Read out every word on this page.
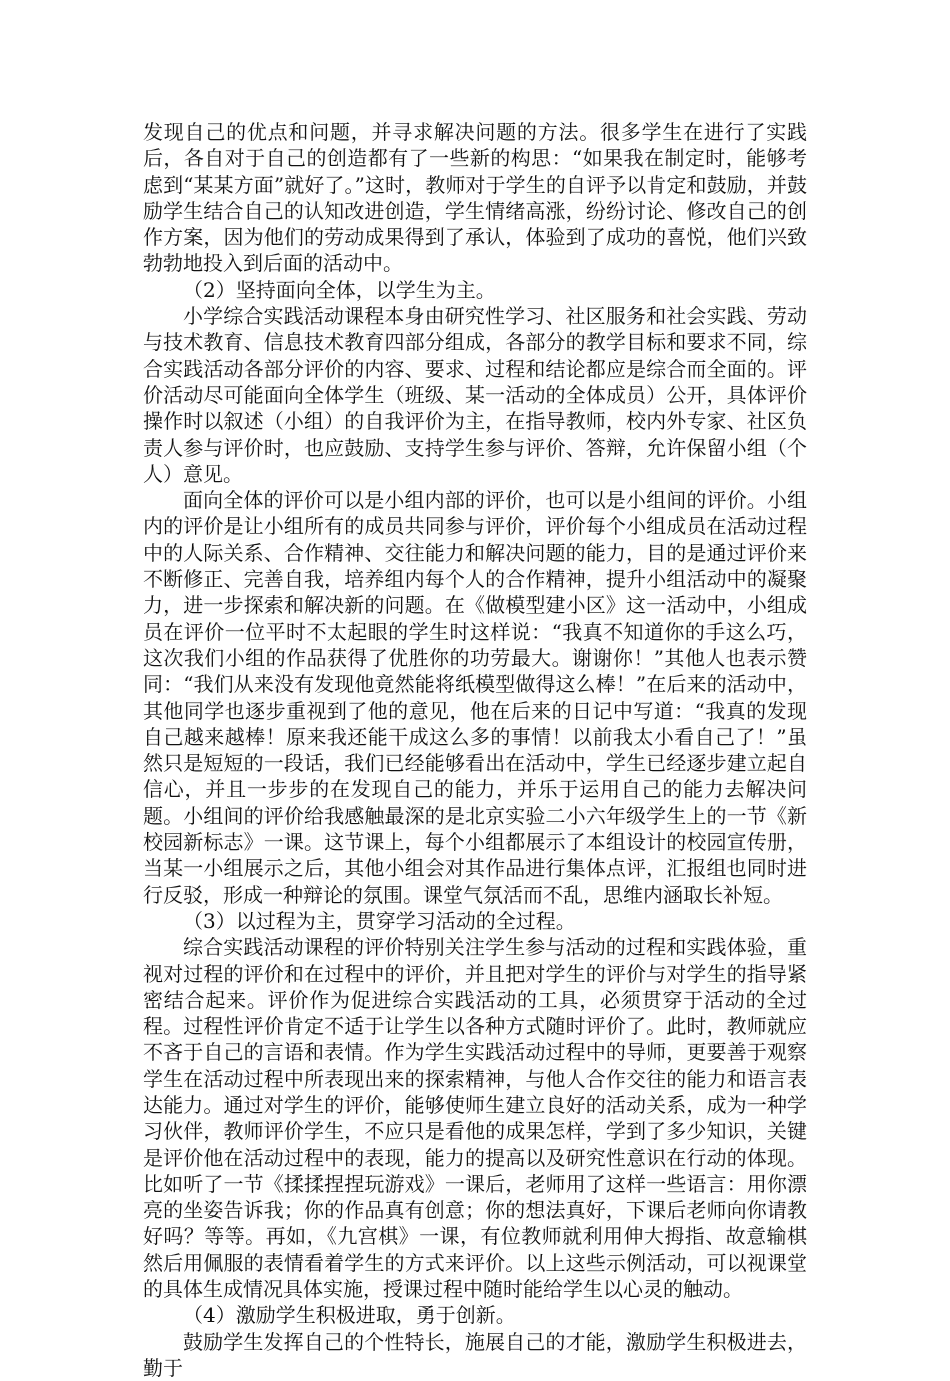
发现自己的优点和问题，并寻求解决问题的方法。很多学生在进行了实践后，各自对于自己的创造都有了一些新的构思：“如果我在制定时，能够考虑到“某某方面”就好了。”这时，教师对于学生的自评予以肯定和鼓励，并鼓励学生结合自己的认知改进创造，学生情绪高涨，纷纷讨论、修改自己的创作方案，因为他们的劳动成果得到了承认，体验到了成功的喜悦，他们兴致勃勃地投入到后面的活动中。

（2）坚持面向全体，以学生为主。

小学综合实践活动课程本身由研究性学习、社区服务和社会实践、劳动与技术教育、信息技术教育四部分组成，各部分的教学目标和要求不同，综合实践活动各部分评价的内容、要求、过程和结论都应是综合而全面的。评价活动尽可能面向全体学生（班级、某一活动的全体成员）公开，具体评价操作时以叙述（小组）的自我评价为主，在指导教师，校内外专家、社区负责人参与评价时，也应鼓励、支持学生参与评价、答辩，允许保留小组（个人）意见。

面向全体的评价可以是小组内部的评价，也可以是小组间的评价。小组内的评价是让小组所有的成员共同参与评价，评价每个小组成员在活动过程中的人际关系、合作精神、交往能力和解决问题的能力，目的是通过评价来不断修正、完善自我，培养组内每个人的合作精神，提升小组活动中的凝聚力，进一步探索和解决新的问题。在《做模型建小区》这一活动中，小组成员在评价一位平时不太起眼的学生时这样说：“我真不知道你的手这么巧，这次我们小组的作品获得了优胜你的功劳最大。谢谢你！”其他人也表示赞同：“我们从来没有发现他竟然能将纸模型做得这么棒！”在后来的活动中，其他同学也逐步重视到了他的意见，他在后来的日记中写道：“我真的发现自己越来越棒！原来我还能干成这么多的事情！以前我太小看自己了！”虽然只是短短的一段话，我们已经能够看出在活动中，学生已经逐步建立起自信心，并且一步步的在发现自己的能力，并乐于运用自己的能力去解决问题。小组间的评价给我感触最深的是北京实验二小六年级学生上的一节《新校园新标志》一课。这节课上，每个小组都展示了本组设计的校园宣传册，当某一小组展示之后，其他小组会对其作品进行集体点评，汇报组也同时进行反驳，形成一种辩论的氛围。课堂气氛活而不乱，思维内涵取长补短。

（3）以过程为主，贯穿学习活动的全过程。

综合实践活动课程的评价特别关注学生参与活动的过程和实践体验，重视对过程的评价和在过程中的评价，并且把对学生的评价与对学生的指导紧密结合起来。评价作为促进综合实践活动的工具，必须贯穿于活动的全过程。过程性评价肯定不适于让学生以各种方式随时评价了。此时，教师就应不吝于自己的言语和表情。作为学生实践活动过程中的导师，更要善于观察学生在活动过程中所表现出来的探索精神，与他人合作交往的能力和语言表达能力。通过对学生的评价，能够使师生建立良好的活动关系，成为一种学习伙伴，教师评价学生，不应只是看他的成果怎样，学到了多少知识，关键是评价他在活动过程中的表现，能力的提高以及研究性意识在行动的体现。比如听了一节《揉揉捏捏玩游戏》一课后，老师用了这样一些语言：用你漂亮的坐姿告诉我；你的作品真有创意；你的想法真好，下课后老师向你请教好吗？等等。再如，《九宫棋》一课，有位教师就利用伸大拇指、故意输棋然后用佩服的表情看着学生的方式来评价。以上这些示例活动，可以视课堂的具体生成情况具体实施，授课过程中随时能给学生以心灵的触动。

（4）激励学生积极进取，勇于创新。

鼓励学生发挥自己的个性特长，施展自己的才能，激励学生积极进去，勤于
